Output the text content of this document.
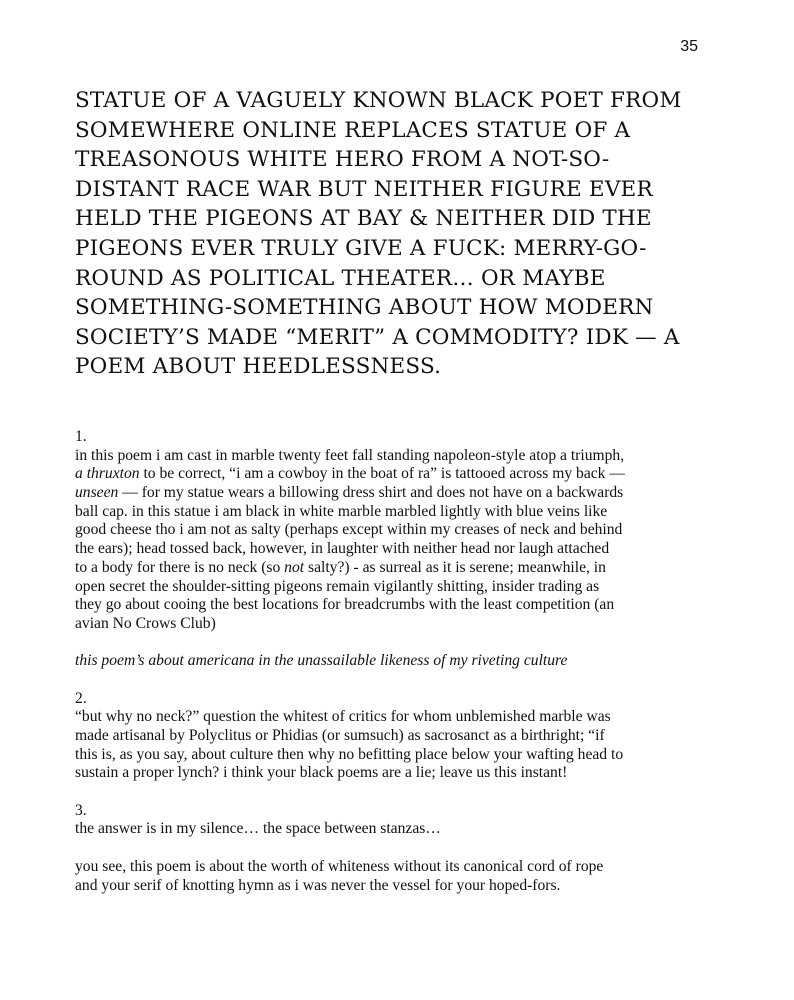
35
STATUE OF A VAGUELY KNOWN BLACK POET FROM
SOMEWHERE ONLINE REPLACES STATUE OF A
TREASONOUS WHITE HERO FROM A NOT-SO-
DISTANT RACE WAR BUT NEITHER FIGURE EVER
HELD THE PIGEONS AT BAY & NEITHER DID THE
PIGEONS EVER TRULY GIVE A FUCK: MERRY-GO-
ROUND AS POLITICAL THEATER… OR MAYBE
SOMETHING-SOMETHING ABOUT HOW MODERN
SOCIETY’S MADE “MERIT” A COMMODITY? IDK — A
POEM ABOUT HEEDLESSNESS.
1.
in this poem i am cast in marble twenty feet fall standing napoleon-style atop a triumph,
a thruxton to be correct, “i am a cowboy in the boat of ra” is tattooed across my back —
unseen — for my statue wears a billowing dress shirt and does not have on a backwards
ball cap. in this statue i am black in white marble marbled lightly with blue veins like
good cheese tho i am not as salty (perhaps except within my creases of neck and behind
the ears); head tossed back, however, in laughter with neither head nor laugh attached
to a body for there is no neck (so not salty?) - as surreal as it is serene; meanwhile, in
open secret the shoulder-sitting pigeons remain vigilantly shitting, insider trading as
they go about cooing the best locations for breadcrumbs with the least competition (an
avian No Crows Club)
this poem’s about americana in the unassailable likeness of my riveting culture
2.
“but why no neck?” question the whitest of critics for whom unblemished marble was
made artisanal by Polyclitus or Phidias (or sumsuch) as sacrosanct as a birthright; “if
this is, as you say, about culture then why no befitting place below your wafting head to
sustain a proper lynch? i think your black poems are a lie; leave us this instant!
3.
the answer is in my silence… the space between stanzas…
you see, this poem is about the worth of whiteness without its canonical cord of rope
and your serif of knotting hymn as i was never the vessel for your hoped-fors.
